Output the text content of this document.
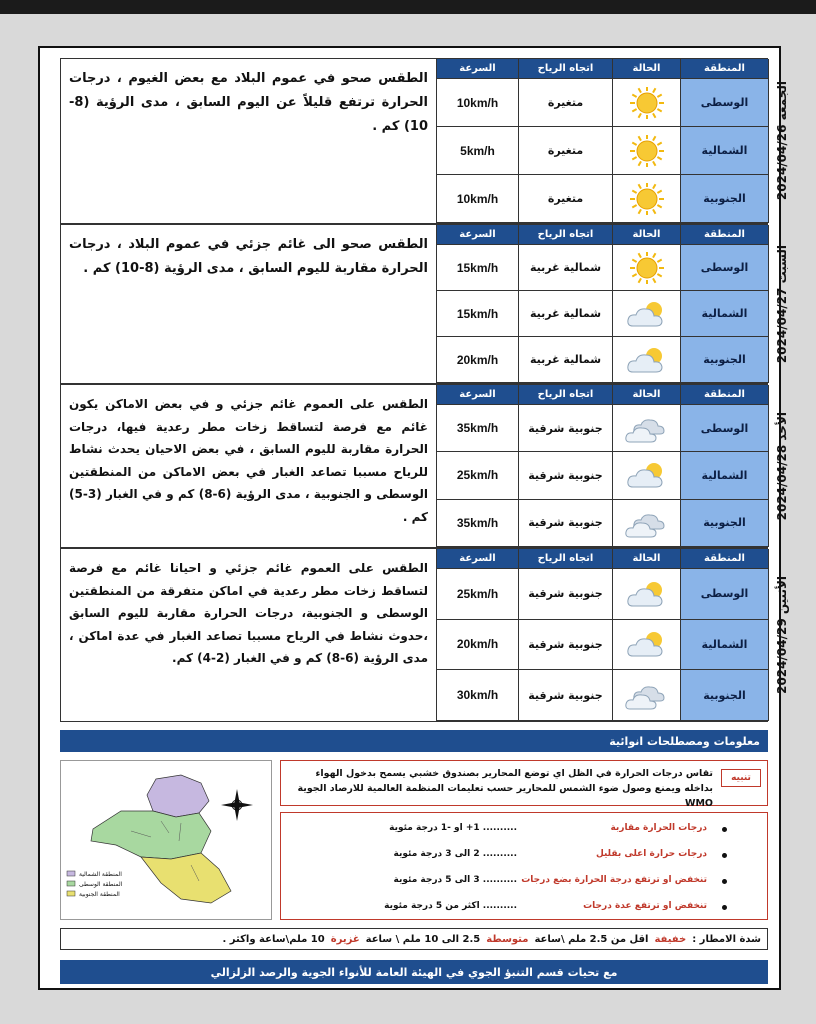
الطقس صحو في عموم البلاد مع بعض الغيوم ، درجات الحرارة ترتفع قليلاً عن اليوم السابق ، مدى الرؤية (8-10) كم .
السرعة	اتجاه الرياح	الحالة	المنطقة
10km/h	متغيرة	الوسطى
5km/h	متغيرة	الشمالية
10km/h	متغيرة	الجنوبية	الجمعة 2024/04/26
الطقس صحو الى غائم جزئي في عموم البلاد ، درجات الحرارة مقاربة لليوم السابق ، مدى الرؤية (8-10) كم .
السرعة	اتجاه الرياح	الحالة	المنطقة
15km/h	شمالية غربية	الوسطى
15km/h	شمالية غربية	الشمالية
20km/h	شمالية غربية	الجنوبية	السبت 2024/04/27
الطقس على العموم غائم جزئي و في بعض الاماكن يكون غائم مع فرصة لتساقط زخات مطر رعدية فيها، درجات الحرارة مقاربة لليوم السابق ، في بعض الاحيان يحدث نشاط للرياح مسببا تصاعد الغبار في بعض الاماكن من المنطقتين الوسطى و الجنوبية ، مدى الرؤية (6-8) كم و في الغبار (3-5) كم .
السرعة	اتجاه الرياح	الحالة	المنطقة
35km/h	جنوبية شرقية	الوسطى
25km/h	جنوبية شرقية	الشمالية
35km/h	جنوبية شرقية	الجنوبية
الأحد 2024/04/28
الطقس على العموم غائم جزئي و احيانا غائم مع فرصة لتساقط زخات مطر رعدية في اماكن متفرقة من المنطقتين الوسطى و الجنوبية، درجات الحرارة مقاربة لليوم السابق ،حدوث نشاط في الرياح مسببا تصاعد الغبار في عدة اماكن ، مدى الرؤية (6-8) كم و في الغبار (2-4) كم.
السرعة	اتجاه الرياح	الحالة	المنطقة
25km/h	جنوبية شرقية	الوسطى
20km/h	جنوبية شرقية	الشمالية
30km/h	جنوبية شرقية	الجنوبية
الأثنين 2024/04/29
معلومات ومصطلحات انوائية
المنطقة الشمالية
المنطقة الوسطى
المنطقة الجنوبية
تنبيه
تقاس درجات الحرارة في الظل اي توضع المحارير بصندوق خشبي يسمح بدخول الهواء بداخله ويمنع وصول ضوء الشمس للمحارير حسب تعليمات المنظمة العالمية للارصاد الجوية WMO
درجات الحرارة مقاربة
.......... 1+ او -1 درجة مئوية
درجات حرارة اعلى بقليل
.......... 2 الى 3 درجة مئوية
تنخفض او ترتفع درجة الحرارة بضع درجات
.......... 3 الى 5 درجة مئوية
تنخفض او ترتفع عدة درجات
.......... اكثر من 5 درجة مئوية
شدة الامطار :
خفيفة
اقل من 2.5 ملم \ساعة
متوسطة
2.5 الى 10 ملم \ ساعة
غزيرة
10 ملم\ساعة واكثر .
مع تحيات قسم التنبؤ الجوي في الهيئة العامة للأنواء الجوية والرصد الزلزالي
